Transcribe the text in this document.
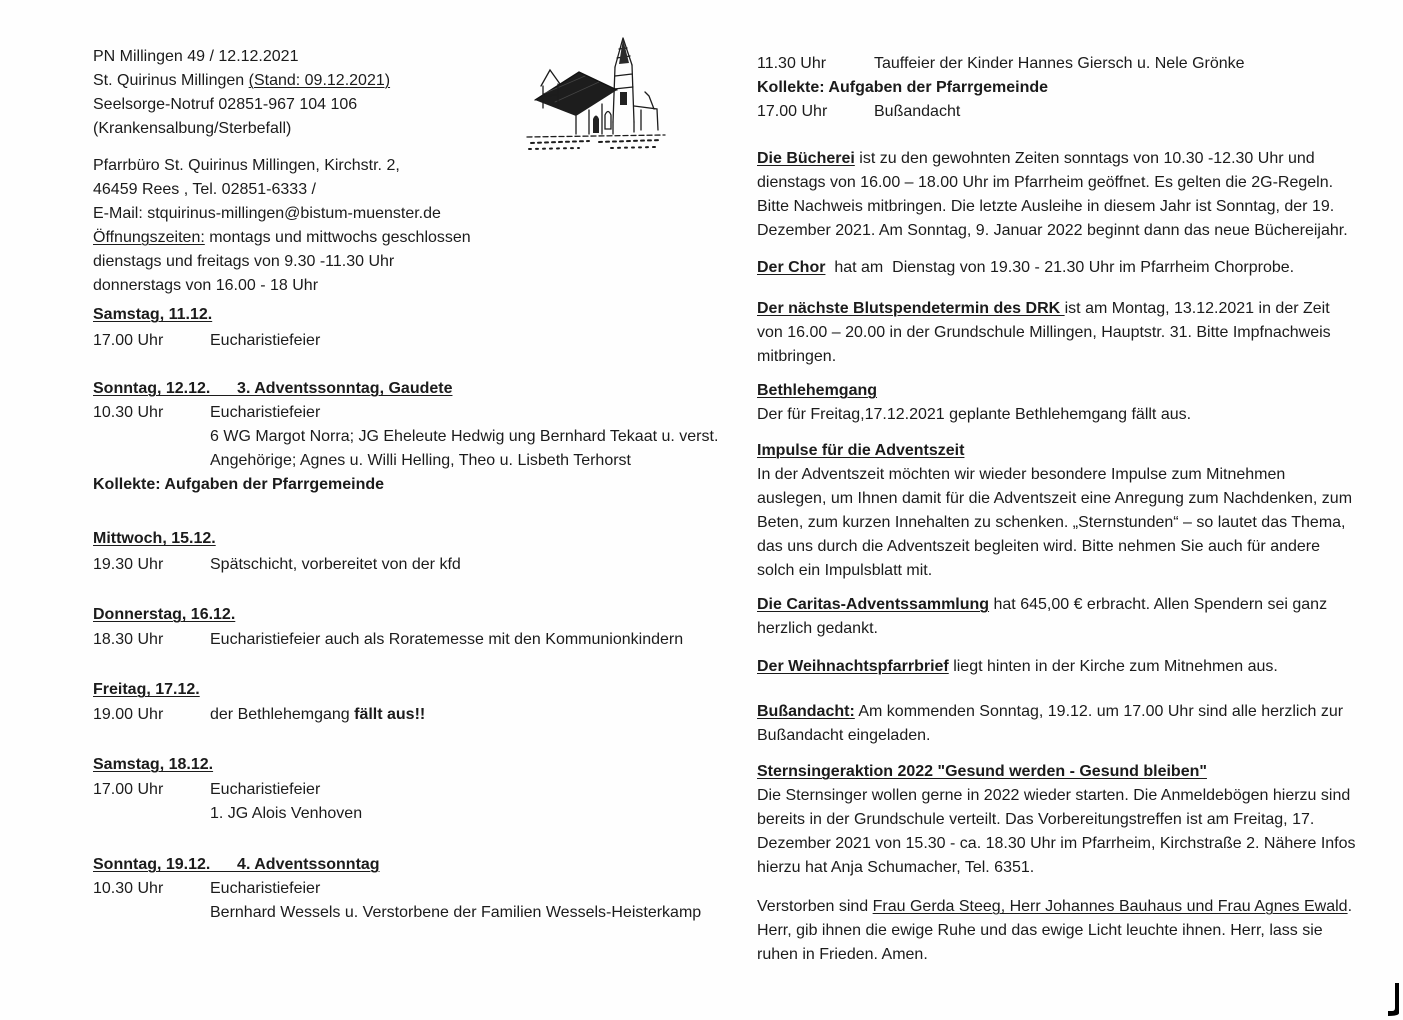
PN Millingen 49 / 12.12.2021
St. Quirinus Millingen (Stand: 09.12.2021)
Seelsorge-Notruf 02851-967 104 106
(Krankensalbung/Sterbefall)
Pfarrbüro St. Quirinus Millingen, Kirchstr. 2,
46459 Rees , Tel. 02851-6333 /
E-Mail: stquirinus-millingen@bistum-muenster.de
Öffnungszeiten: montags und mittwochs geschlossen
dienstags und freitags von 9.30 -11.30 Uhr
donnerstags von 16.00 - 18 Uhr
Samstag, 11.12.
17.00 Uhr	Eucharistiefeier
Sonntag, 12.12.      3. Adventssonntag, Gaudete
10.30 Uhr	Eucharistiefeier
6 WG Margot Norra; JG Eheleute Hedwig ung Bernhard Tekaat u. verst.
Angehörige; Agnes u. Willi Helling, Theo u. Lisbeth Terhorst
Kollekte: Aufgaben der Pfarrgemeinde
Mittwoch, 15.12.
19.30 Uhr	Spätschicht, vorbereitet von der kfd
Donnerstag, 16.12.
18.30 Uhr	Eucharistiefeier auch als Roratemesse mit den Kommunionkindern
Freitag, 17.12.
19.00 Uhr	der Bethlehemgang fällt aus!!
Samstag, 18.12.
17.00 Uhr	Eucharistiefeier
1. JG Alois Venhoven
Sonntag, 19.12.      4. Adventssonntag
10.30 Uhr	Eucharistiefeier
Bernhard Wessels u. Verstorbene der Familien Wessels-Heisterkamp
11.30 Uhr	Tauffeier der Kinder Hannes Giersch u. Nele Grönke
Kollekte: Aufgaben der Pfarrgemeinde
17.00 Uhr	Bußandacht
Die Bücherei ist zu den gewohnten Zeiten sonntags von 10.30 -12.30 Uhr und dienstags von 16.00 – 18.00 Uhr im Pfarrheim geöffnet. Es gelten die 2G-Regeln. Bitte Nachweis mitbringen. Die letzte Ausleihe in diesem Jahr ist Sonntag, der 19. Dezember 2021. Am Sonntag, 9. Januar 2022 beginnt dann das neue Büchereijahr.
Der Chor  hat am  Dienstag von 19.30 - 21.30 Uhr im Pfarrheim Chorprobe.
Der nächste Blutspendetermin des DRK ist am Montag, 13.12.2021 in der Zeit von 16.00 – 20.00 in der Grundschule Millingen, Hauptstr. 31. Bitte Impfnachweis mitbringen.
Bethlehemgang
Der für Freitag,17.12.2021 geplante Bethlehemgang fällt aus.
Impulse für die Adventszeit
In der Adventszeit möchten wir wieder besondere Impulse zum Mitnehmen auslegen, um Ihnen damit für die Adventszeit eine Anregung zum Nachdenken, zum Beten, zum kurzen Innehalten zu schenken. „Sternstunden“ – so lautet das Thema, das uns durch die Adventszeit begleiten wird. Bitte nehmen Sie auch für andere solch ein Impulsblatt mit.
Die Caritas-Adventssammlung hat 645,00 € erbracht. Allen Spendern sei ganz herzlich gedankt.
Der Weihnachtspfarrbrief liegt hinten in der Kirche zum Mitnehmen aus.
Bußandacht: Am kommenden Sonntag, 19.12. um 17.00 Uhr sind alle herzlich zur Bußandacht eingeladen.
Sternsingeraktion 2022 "Gesund werden - Gesund bleiben"
Die Sternsinger wollen gerne in 2022 wieder starten. Die Anmeldebögen hierzu sind bereits in der Grundschule verteilt. Das Vorbereitungstreffen ist am Freitag, 17. Dezember 2021 von 15.30 - ca. 18.30 Uhr im Pfarrheim, Kirchstraße 2. Nähere Infos hierzu hat Anja Schumacher, Tel. 6351.
Verstorben sind Frau Gerda Steeg, Herr Johannes Bauhaus und Frau Agnes Ewald. Herr, gib ihnen die ewige Ruhe und das ewige Licht leuchte ihnen. Herr, lass sie ruhen in Frieden. Amen.
